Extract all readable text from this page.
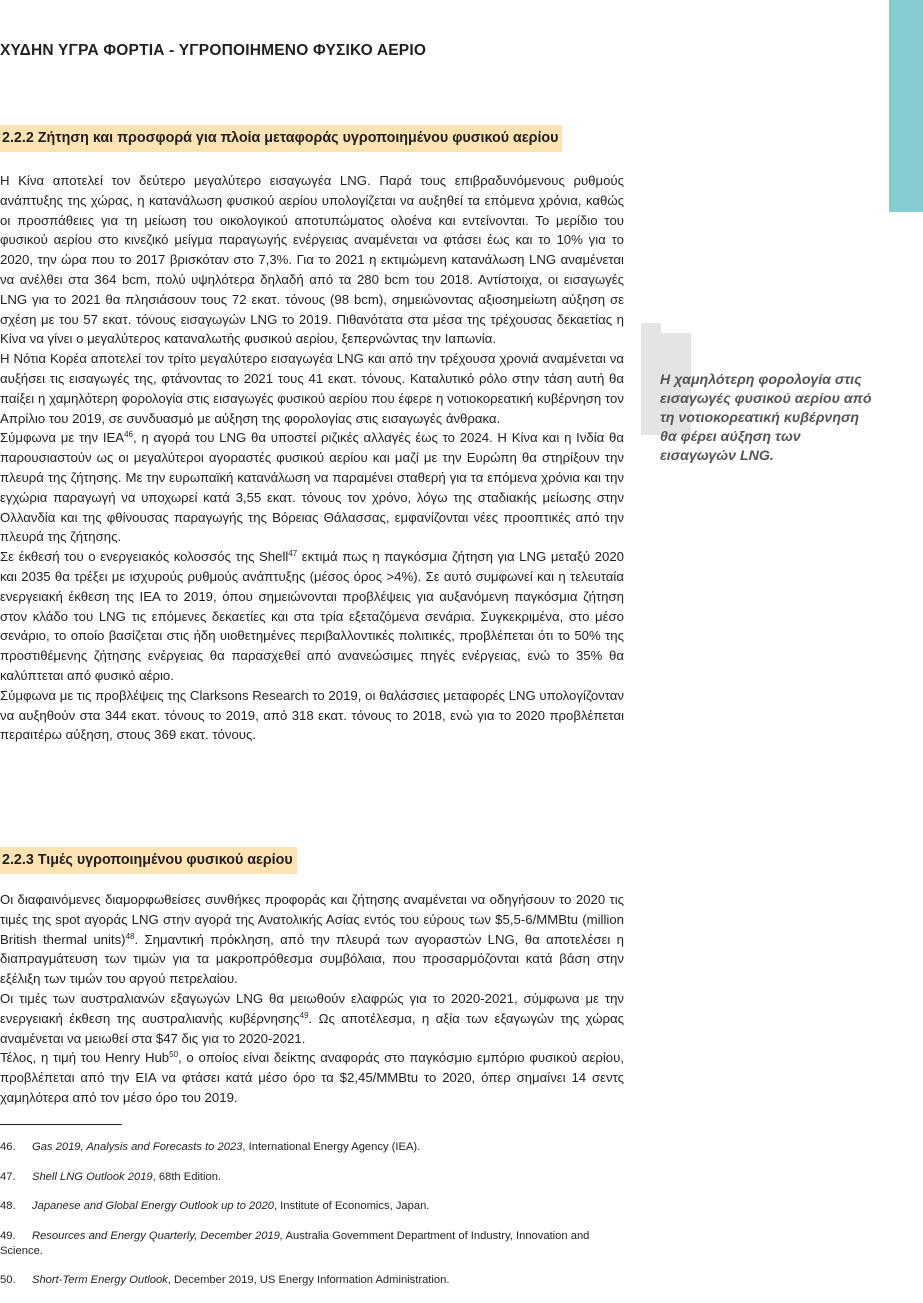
ΧΥΔΗΝ ΥΓΡΑ ΦΟΡΤΙΑ - ΥΓΡΟΠΟΙΗΜΕΝΟ ΦΥΣΙΚΟ ΑΕΡΙΟ
2.2.2 Ζήτηση και προσφορά για πλοία μεταφοράς υγροποιημένου φυσικού αερίου

Η Κίνα αποτελεί τον δεύτερο μεγαλύτερο εισαγωγέα LNG. Παρά τους επιβραδυνόμενους ρυθμούς ανάπτυξης της χώρας, η κατανάλωση φυσικού αερίου υπολογίζεται να αυξηθεί τα επόμενα χρόνια, καθώς οι προσπάθειες για τη μείωση του οικολογικού αποτυπώματος ολοένα και εντείνονται. Το μερίδιο του φυσικού αερίου στο κινεζικό μείγμα παραγωγής ενέργειας αναμένεται να φτάσει έως και το 10% για το 2020, την ώρα που το 2017 βρισκόταν στο 7,3%. Για το 2021 η εκτιμώμενη κατανάλωση LNG αναμένεται να ανέλθει στα 364 bcm, πολύ υψηλότερα δηλαδή από τα 280 bcm του 2018. Αντίστοιχα, οι εισαγωγές LNG για το 2021 θα πλησιάσουν τους 72 εκατ. τόνους (98 bcm), σημειώνοντας αξιοσημείωτη αύξηση σε σχέση με του 57 εκατ. τόνους εισαγωγών LNG το 2019. Πιθανότατα στα μέσα της τρέχουσας δεκαετίας η Κίνα να γίνει ο μεγαλύτερος καταναλωτής φυσικού αερίου, ξεπερνώντας την Ιαπωνία.

Η Νότια Κορέα αποτελεί τον τρίτο μεγαλύτερο εισαγωγέα LNG και από την τρέχουσα χρονιά αναμένεται να αυξήσει τις εισαγωγές της, φτάνοντας το 2021 τους 41 εκατ. τόνους. Καταλυτικό ρόλο στην τάση αυτή θα παίξει η χαμηλότερη φορολογία στις εισαγωγές φυσικού αερίου που έφερε η νοτιοκορεατική κυβέρνηση τον Απρίλιο του 2019, σε συνδυασμό με αύξηση της φορολογίας στις εισαγωγές άνθρακα.

Σύμφωνα με την IEA$^{46}$, η αγορά του LNG θα υποστεί ριζικές αλλαγές έως το 2024. Η Κίνα και η Ινδία θα παρουσιαστούν ως οι μεγαλύτεροι αγοραστές φυσικού αερίου και μαζί με την Ευρώπη θα στηρίξουν την πλευρά της ζήτησης. Με την ευρωπαϊκή κατανάλωση να παραμένει σταθερή για τα επόμενα χρόνια και την εγχώρια παραγωγή να υποχωρεί κατά 3,55 εκατ. τόνους τον χρόνο, λόγω της σταδιακής μείωσης στην Ολλανδία και της φθίνουσας παραγωγής της Βόρειας Θάλασσας, εμφανίζονται νέες προοπτικές από την πλευρά της ζήτησης.

Σε έκθεσή του ο ενεργειακός κολοσσός της Shell$^{47}$ εκτιμά πως η παγκόσμια ζήτηση για LNG μεταξύ 2020 και 2035 θα τρέξει με ισχυρούς ρυθμούς ανάπτυξης (μέσος όρος >4%). Σε αυτό συμφωνεί και η τελευταία ενεργειακή έκθεση της IEA το 2019, όπου σημειώνονται προβλέψεις για αυξανόμενη παγκόσμια ζήτηση στον κλάδο του LNG τις επόμενες δεκαετίες και στα τρία εξεταζόμενα σενάρια. Συγκεκριμένα, στο μέσο σενάριο, το οποίο βασίζεται στις ήδη υιοθετημένες περιβαλλοντικές πολιτικές, προβλέπεται ότι το 50% της προστιθέμενης ζήτησης ενέργειας θα παρασχεθεί από ανανεώσιμες πηγές ενέργειας, ενώ το 35% θα καλύπτεται από φυσικό αέριο.

Σύμφωνα με τις προβλέψεις της Clarksons Research το 2019, οι θαλάσσιες μεταφορές LNG υπολογίζονταν να αυξηθούν στα 344 εκατ. τόνους το 2019, από 318 εκατ. τόνους το 2018, ενώ για το 2020 προβλέπεται περαιτέρω αύξηση, στους 369 εκατ. τόνους.

Η χαμηλότερη φορολογία στις εισαγωγές φυσικού αερίου από τη νοτιοκορεατική κυβέρνηση θα φέρει αύξηση των εισαγωγών LNG.
2.2.3 Τιμές υγροποιημένου φυσικού αερίου

Οι διαφαινόμενες διαμορφωθείσες συνθήκες προφοράς και ζήτησης αναμένεται να οδηγήσουν το 2020 τις τιμές της spot αγοράς LNG στην αγορά της Ανατολικής Ασίας εντός του εύρους των $5,5-6/MMBtu (million British thermal units)$^{48}$. Σημαντική πρόκληση, από την πλευρά των αγοραστών LNG, θα αποτελέσει η διαπραγμάτευση των τιμών για τα μακροπρόθεσμα συμβόλαια, που προσαρμόζονται κατά βάση στην εξέλιξη των τιμών του αργού πετρελαίου.

Οι τιμές των αυστραλιανών εξαγωγών LNG θα μειωθούν ελαφρώς για το 2020-2021, σύμφωνα με την ενεργειακή έκθεση της αυστραλιανής κυβέρνησης$^{49}$. Ως αποτέλεσμα, η αξία των εξαγωγών της χώρας αναμένεται να μειωθεί στα $47 δις για το 2020-2021.

Τέλος, η τιμή του Henry Hub$^{50}$, ο οποίος είναι δείκτης αναφοράς στο παγκόσμιο εμπόριο φυσικού αερίου, προβλέπεται από την EIA να φτάσει κατά μέσο όρο τα $2,45/MMBtu το 2020, όπερ σημαίνει 14 σεντς χαμηλότερα από τον μέσο όρο του 2019.

46. Gas 2019, Analysis and Forecasts to 2023, International Energy Agency (IEA).

47. Shell LNG Outlook 2019, 68th Edition.

48. Japanese and Global Energy Outlook up to 2020, Institute of Economics, Japan.

49. Resources and Energy Quarterly, December 2019, Australia Government Department of Industry, Innovation and Science.

50. Short-Term Energy Outlook, December 2019, US Energy Information Administration.
